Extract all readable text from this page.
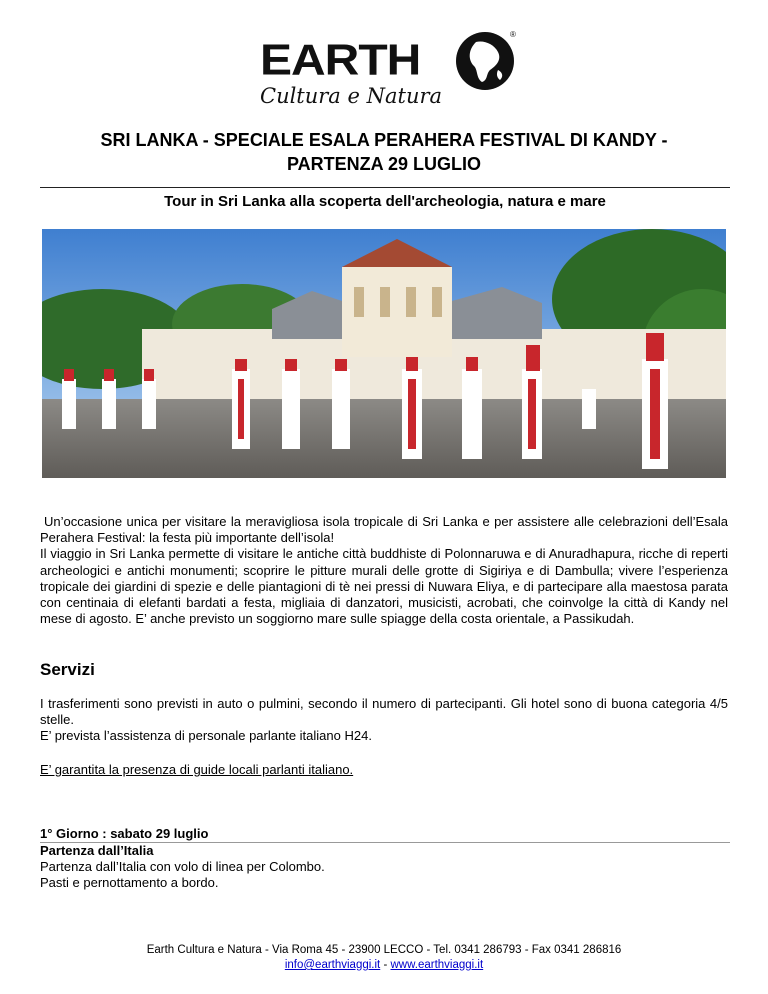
EARTH
®
Cultura e Natura
SRI LANKA - SPECIALE ESALA PERAHERA FESTIVAL DI KANDY -
PARTENZA 29 LUGLIO
Tour in Sri Lanka alla scoperta dell'archeologia, natura e mare

Un’occasione unica per visitare la meravigliosa isola tropicale di Sri Lanka e per assistere alle celebrazioni dell’Esala Perahera Festival: la festa più importante dell’isola!

Il viaggio in Sri Lanka permette di visitare le antiche città buddhiste di Polonnaruwa e di Anuradhapura, ricche di reperti archeologici e antichi monumenti; scoprire le pitture murali delle grotte di Sigiriya e di Dambulla; vivere l’esperienza tropicale dei giardini di spezie e delle piantagioni di tè nei pressi di Nuwara Eliya, e di partecipare alla maestosa parata con centinaia di elefanti bardati a festa, migliaia di danzatori, musicisti, acrobati, che coinvolge la città di Kandy nel mese di agosto. E’ anche previsto un soggiorno mare sulle spiagge della costa orientale, a Passikudah.

Servizi

I trasferimenti sono previsti in auto o pulmini, secondo il numero di partecipanti. Gli hotel sono di buona categoria 4/5 stelle.

E’ prevista l’assistenza di personale parlante italiano H24.

E’ garantita la presenza di guide locali parlanti italiano.
1° Giorno : sabato 29 luglio
Partenza dall’Italia
Partenza dall’Italia con volo di linea per Colombo.
Pasti e pernottamento a bordo.
Earth Cultura e Natura - Via Roma 45 - 23900 LECCO - Tel. 0341 286793 - Fax 0341 286816
info@earthviaggi.it - www.earthviaggi.it
